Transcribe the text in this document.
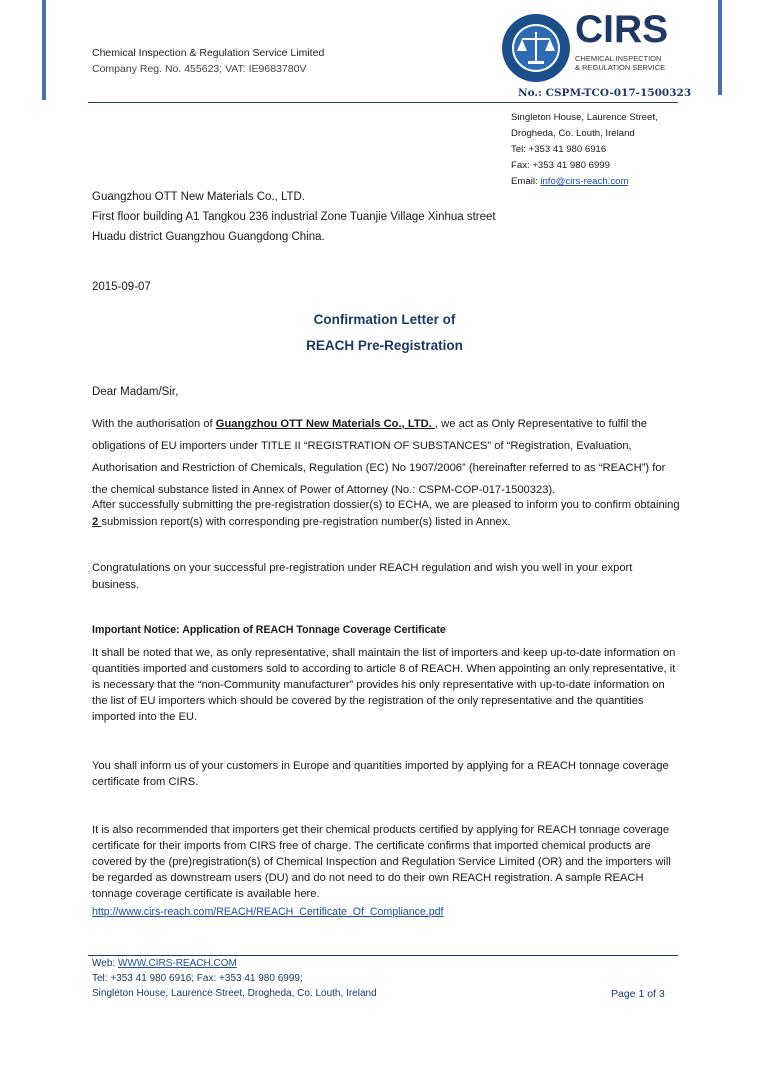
Chemical Inspection & Regulation Service Limited
Company Reg. No. 455623; VAT: IE9683780V
CIRS
CHEMICAL INSPECTION
& REGULATION SERVICE
No.: CSPM-TCO-017-1500323
Singleton House, Laurence Street,
Drogheda, Co. Louth, Ireland
Tel: +353 41 980 6916
Fax: +353 41 980 6999
Email: info@cirs-reach.com
Guangzhou OTT New Materials Co., LTD.
First floor building A1 Tangkou 236 industrial Zone Tuanjie Village Xinhua street
Huadu district Guangzhou Guangdong China.
2015-09-07
Confirmation Letter of
REACH Pre-Registration
Dear Madam/Sir,
With the authorisation of Guangzhou OTT New Materials Co., LTD. , we act as Only Representative to fulfil the obligations of EU importers under TITLE II “REGISTRATION OF SUBSTANCES” of “Registration, Evaluation, Authorisation and Restriction of Chemicals, Regulation (EC) No 1907/2006” (hereinafter referred to as “REACH”) for the chemical substance listed in Annex of Power of Attorney (No.: CSPM-COP-017-1500323).
After successfully submitting the pre-registration dossier(s) to ECHA, we are pleased to inform you to confirm obtaining 2 submission report(s) with corresponding pre-registration number(s) listed in Annex.
Congratulations on your successful pre-registration under REACH regulation and wish you well in your export business.
Important Notice: Application of REACH Tonnage Coverage Certificate
It shall be noted that we, as only representative, shall maintain the list of importers and keep up-to-date information on quantities imported and customers sold to according to article 8 of REACH. When appointing an only representative, it is necessary that the “non-Community manufacturer” provides his only representative with up-to-date information on the list of EU importers which should be covered by the registration of the only representative and the quantities imported into the EU.
You shall inform us of your customers in Europe and quantities imported by applying for a REACH tonnage coverage certificate from CIRS.
It is also recommended that importers get their chemical products certified by applying for REACH tonnage coverage certificate for their imports from CIRS free of charge. The certificate confirms that imported chemical products are covered by the (pre)registration(s) of Chemical Inspection and Regulation Service Limited (OR) and the importers will be regarded as downstream users (DU) and do not need to do their own REACH registration. A sample REACH tonnage coverage certificate is available here.
http://www.cirs-reach.com/REACH/REACH_Certificate_Of_Compliance.pdf
Web: WWW.CIRS-REACH.COM
Tel: +353 41 980 6916; Fax: +353 41 980 6999;
Singleton House, Laurence Street, Drogheda, Co. Louth, Ireland	Page 1 of 3
